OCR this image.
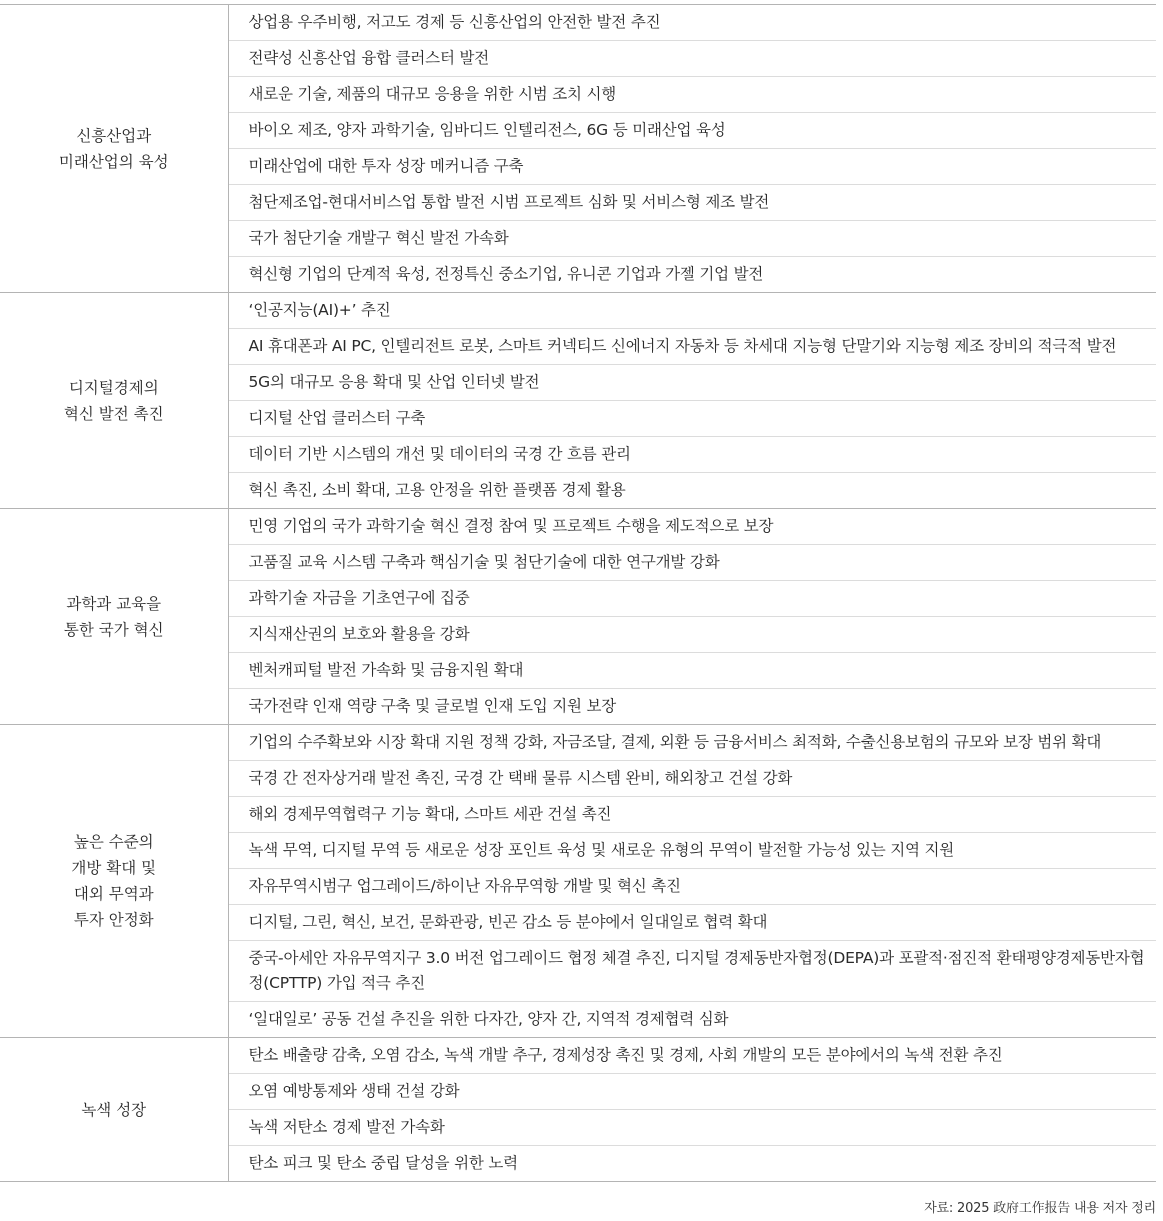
신흥산업과
미래산업의 육성	상업용 우주비행, 저고도 경제 등 신흥산업의 안전한 발전 추진
	전략성 신흥산업 융합 클러스터 발전
	새로운 기술, 제품의 대규모 응용을 위한 시범 조치 시행
	바이오 제조, 양자 과학기술, 임바디드 인텔리전스, 6G 등 미래산업 육성
	미래산업에 대한 투자 성장 메커니즘 구축
	첨단제조업-현대서비스업 통합 발전 시범 프로젝트 심화 및 서비스형 제조 발전
	국가 첨단기술 개발구 혁신 발전 가속화
	혁신형 기업의 단계적 육성, 전정특신 중소기업, 유니콘 기업과 가젤 기업 발전
디지털경제의
혁신 발전 촉진	‘인공지능(AI)+’ 추진
	AI 휴대폰과 AI PC, 인텔리전트 로봇, 스마트 커넥티드 신에너지 자동차 등 차세대 지능형 단말기와 지능형 제조 장비의 적극적 발전
	5G의 대규모 응용 확대 및 산업 인터넷 발전
	디지털 산업 클러스터 구축
	데이터 기반 시스템의 개선 및 데이터의 국경 간 흐름 관리
	혁신 촉진, 소비 확대, 고용 안정을 위한 플랫폼 경제 활용
과학과 교육을
통한 국가 혁신	민영 기업의 국가 과학기술 혁신 결정 참여 및 프로젝트 수행을 제도적으로 보장
	고품질 교육 시스템 구축과 핵심기술 및 첨단기술에 대한 연구개발 강화
	과학기술 자금을 기초연구에 집중
	지식재산권의 보호와 활용을 강화
	벤처캐피털 발전 가속화 및 금융지원 확대
	국가전략 인재 역량 구축 및 글로벌 인재 도입 지원 보장
높은 수준의
개방 확대 및
대외 무역과
투자 안정화	기업의 수주확보와 시장 확대 지원 정책 강화, 자금조달, 결제, 외환 등 금융서비스 최적화, 수출신용보험의 규모와 보장 범위 확대
	국경 간 전자상거래 발전 촉진, 국경 간 택배 물류 시스템 완비, 해외창고 건설 강화
	해외 경제무역협력구 기능 확대, 스마트 세관 건설 촉진
	녹색 무역, 디지털 무역 등 새로운 성장 포인트 육성 및 새로운 유형의 무역이 발전할 가능성 있는 지역 지원
	자유무역시범구 업그레이드/하이난 자유무역항 개발 및 혁신 촉진
	디지털, 그린, 혁신, 보건, 문화관광, 빈곤 감소 등 분야에서 일대일로 협력 확대
	중국-아세안 자유무역지구 3.0 버전 업그레이드 협정 체결 추진, 디지털 경제동반자협정(DEPA)과 포괄적·점진적 환태평양경제동반자협정(CPTTP) 가입 적극 추진
	‘일대일로’ 공동 건설 추진을 위한 다자간, 양자 간, 지역적 경제협력 심화
녹색 성장	탄소 배출량 감축, 오염 감소, 녹색 개발 추구, 경제성장 촉진 및 경제, 사회 개발의 모든 분야에서의 녹색 전환 추진
	오염 예방통제와 생태 건설 강화
	녹색 저탄소 경제 발전 가속화
	탄소 피크 및 탄소 중립 달성을 위한 노력
자료: 2025 政府工作报告 내용 저자 정리
